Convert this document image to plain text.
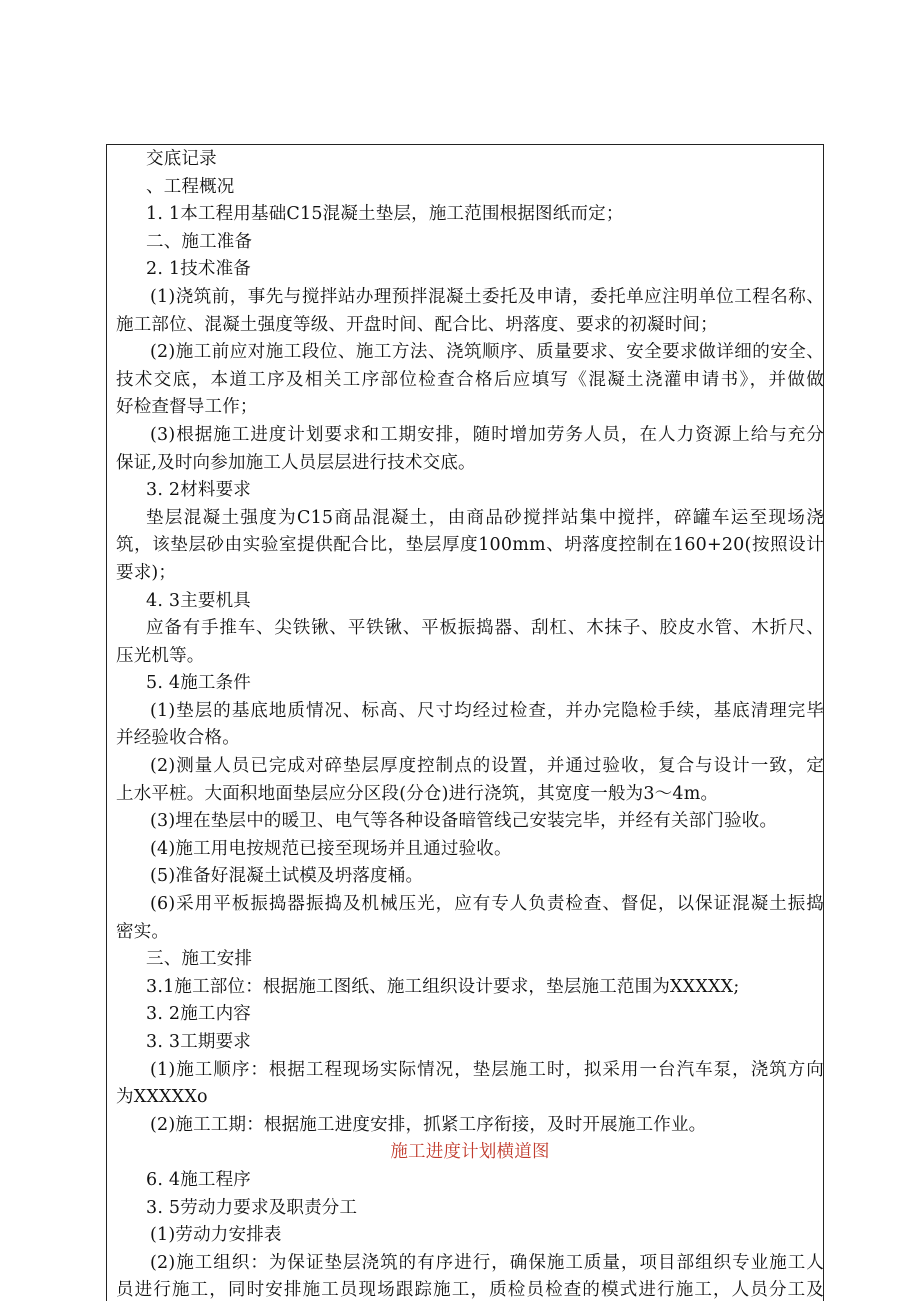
交底记录
、工程概况
1. 1本工程用基础C15混凝土垫层，施工范围根据图纸而定；
二、施工准备
2. 1技术准备
(1)浇筑前，事先与搅拌站办理预拌混凝土委托及申请，委托单应注明单位工程名称、
施工部位、混凝土强度等级、开盘时间、配合比、坍落度、要求的初凝时间；
(2)施工前应对施工段位、施工方法、浇筑顺序、质量要求、安全要求做详细的安全、
技术交底，本道工序及相关工序部位检查合格后应填写《混凝土浇灌申请书》，并做做
好检查督导工作；
(3)根据施工进度计划要求和工期安排，随时增加劳务人员，在人力资源上给与充分
保证,及时向参加施工人员层层进行技术交底。
3. 2材料要求
垫层混凝土强度为C15商品混凝土，由商品砂搅拌站集中搅拌，碎罐车运至现场浇
筑，该垫层砂由实验室提供配合比，垫层厚度100mm、坍落度控制在160+20(按照设计
要求)；
4. 3主要机具
应备有手推车、尖铁锹、平铁锹、平板振捣器、刮杠、木抹子、胶皮水管、木折尺、
压光机等。
5. 4施工条件
(1)垫层的基底地质情况、标高、尺寸均经过检查，并办完隐检手续，基底清理完毕
并经验收合格。
(2)测量人员已完成对碎垫层厚度控制点的设置，并通过验收，复合与设计一致，定
上水平桩。大面积地面垫层应分区段(分仓)进行浇筑，其宽度一般为3～4m。
(3)埋在垫层中的暖卫、电气等各种设备暗管线己安装完毕，并经有关部门验收。
(4)施工用电按规范已接至现场并且通过验收。
(5)准备好混凝土试模及坍落度桶。
(6)采用平板振捣器振捣及机械压光，应有专人负责检查、督促，以保证混凝土振捣
密实。
三、施工安排
3.1施工部位：根据施工图纸、施工组织设计要求，垫层施工范围为XXXXX;
3. 2施工内容
3. 3工期要求
(1)施工顺序：根据工程现场实际情况，垫层施工时，拟采用一台汽车泵，浇筑方向
为XXXXXo
(2)施工工期：根据施工进度安排，抓紧工序衔接，及时开展施工作业。
施工进度计划横道图
6. 4施工程序
3. 5劳动力要求及职责分工
(1)劳动力安排表
(2)施工组织：为保证垫层浇筑的有序进行，确保施工质量，项目部组织专业施工人
员进行施工，同时安排施工员现场跟踪施工，质检员检查的模式进行施工，人员分工及
